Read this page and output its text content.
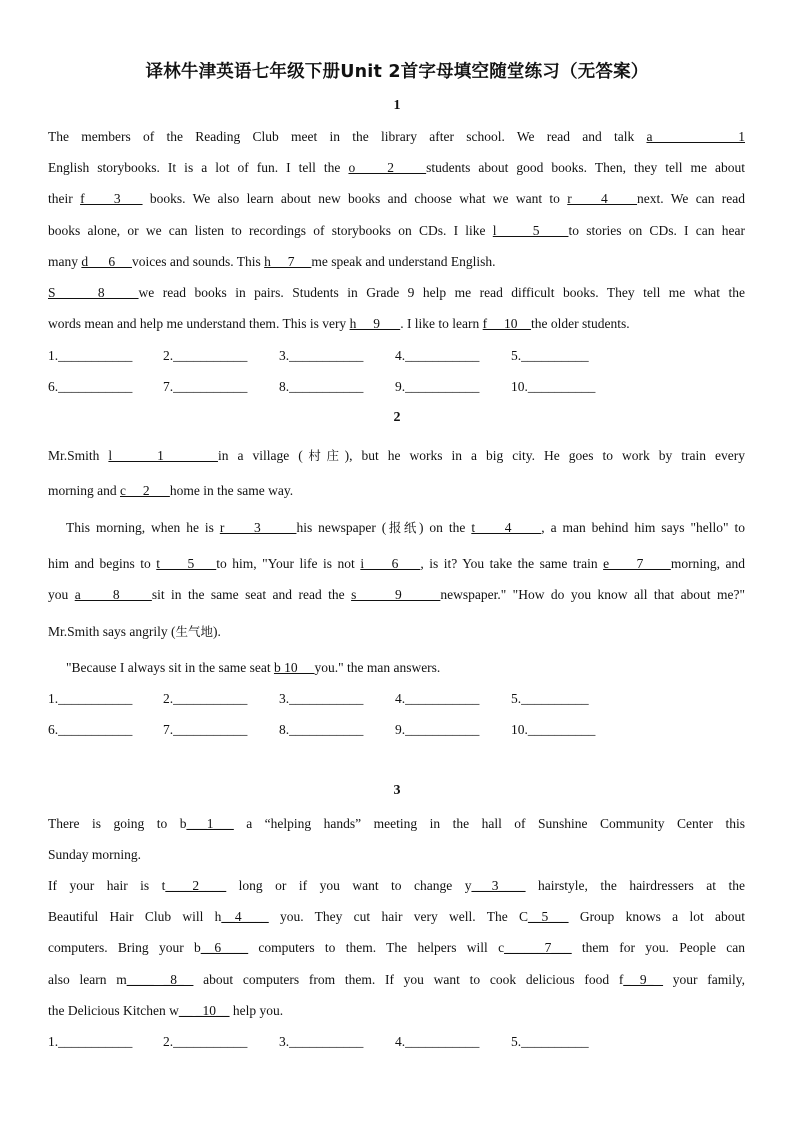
译林牛津英语七年级下册Unit 2首字母填空随堂练习（无答案）
1
The members of the Reading Club meet in the library after school. We read and talk a       1
English storybooks. It is a lot of fun. I tell the o    2    students about good books. Then, they tell me about
their f    3    books. We also learn about new books and choose what we want to r    4    next. We can read
books alone, or we can listen to recordings of storybooks on CDs. I like l     5    to stories on CDs. I can hear
many d      6     voices and sounds. This h     7     me speak and understand English.
S     8    we read books in pairs. Students in Grade 9 help me read difficult books. They tell me what the
words mean and help me understand them. This is very h     9      . I like to learn f     10    the older students.
1.___________ 2.___________ 3.___________ 4.___________ 5.__________
6.___________ 7.___________ 8.___________ 9.___________ 10.__________
2
Mr.Smith l     1      in a village (村庄), but he works in a big city. He goes to work by train every
morning and c     2      home in the same way.
This morning, when he is r     3      his newspaper (报纸) on the t     4     , a man behind him says "hello" to
him and begins to t     5    to him, "Your life is not i     6    , is it? You take the same train e     7     morning, and
you a     8     sit in the same seat and read the s      9      newspaper." "How do you know all that about me?"
Mr.Smith says angrily (生气地).
"Because I always sit in the same seat b 10     you." the man answers.
1.___________ 2.___________ 3.___________ 4.___________ 5.__________
6.___________ 7.___________ 8.___________ 9.___________ 10.__________
3
There is going to b___1___ a “helping hands” meeting in the hall of Sunshine Community Center this
Sunday morning.
If your hair is t____2____ long or if you want to change y___3____ hairstyle, the hairdressers at the
Beautiful Hair Club will h__4____ you. They cut hair very well. The C__5___ Group knows a lot about
computers. Bring your b__6____ computers to them. The helpers will c______7___ them for you. People can
also learn m____ _8_  about computers from them. If you want to cook delicious food f_ 9_  your family,
the Delicious Kitchen w__ _10__ help you.
1.___________ 2.___________ 3.___________ 4.___________ 5.__________
